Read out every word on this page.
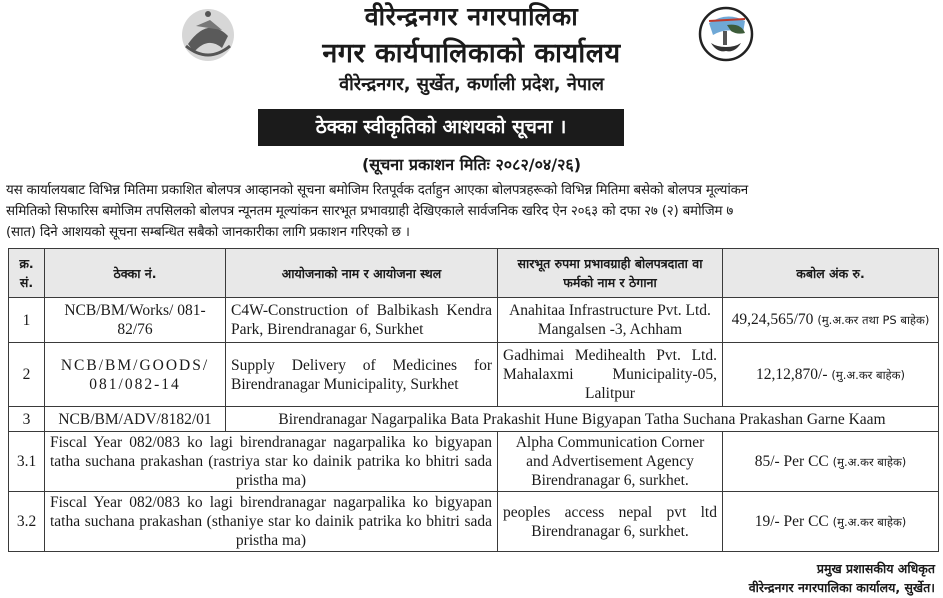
वीरेन्द्रनगर नगरपालिका
नगर कार्यपालिकाको कार्यालय
वीरेन्द्रनगर, सुर्खेत, कर्णाली प्रदेश, नेपाल
ठेक्का स्वीकृतिको आशयको सूचना ।
(सूचना प्रकाशन मितिः २०८२/०४/२६)
यस कार्यालयबाट विभिन्न मितिमा प्रकाशित बोलपत्र आव्हानको सूचना बमोजिम रितपूर्वक दर्ताहुन आएका बोलपत्रहरूको विभिन्न मितिमा बसेको बोलपत्र मूल्यांकन
समितिको सिफारिस बमोजिम तपसिलको बोलपत्र न्यूनतम मूल्यांकन सारभूत प्रभावग्राही देखिएकाले सार्वजनिक खरिद ऐन २०६३ को दफा २७ (२) बमोजिम ७
(सात) दिने आशयको सूचना सम्बन्धित सबैको जानकारीका लागि प्रकाशन गरिएको छ ।
क्र. सं.	ठेक्का नं.	आयोजनाको नाम र आयोजना स्थल	सारभूत रुपमा प्रभावग्राही बोलपत्रदाता वा फर्मको नाम र ठेगाना	कबोल अंक रु.
1	NCB/BM/Works/ 081-82/76	C4W-Construction of Balbikash Kendra Park, Birendranagar 6, Surkhet	Anahitaa Infrastructure Pvt. Ltd. Mangalsen -3, Achham	49,24,565/70 (मु.अ.कर तथा PS बाहेक)
2	NCB/BM/GOODS/ 081/082-14	Supply Delivery of Medicines for Birendranagar Municipality, Surkhet	Gadhimai Medihealth Pvt. Ltd. Mahalaxmi Municipality-05, Lalitpur	12,12,870/- (मु.अ.कर बाहेक)
3	NCB/BM/ADV/8182/01	Birendranagar Nagarpalika Bata Prakashit Hune Bigyapan Tatha Suchana Prakashan Garne Kaam		
3.1	Fiscal Year 082/083 ko lagi birendranagar nagarpalika ko bigyapan tatha suchana prakashan (rastriya star ko dainik patrika ko bhitri sada pristha ma)		Alpha Communication Corner and Advertisement Agency Birendranagar 6, surkhet.	85/- Per CC (मु.अ.कर बाहेक)
3.2	Fiscal Year 082/083 ko lagi birendranagar nagarpalika ko bigyapan tatha suchana prakashan (sthaniye star ko dainik patrika ko bhitri sada pristha ma)		peoples access nepal pvt ltd Birendranagar 6, surkhet.	19/- Per CC (मु.अ.कर बाहेक)
प्रमुख प्रशासकीय अधिकृत
वीरेन्द्रनगर नगरपालिका कार्यालय, सुर्खेत।
